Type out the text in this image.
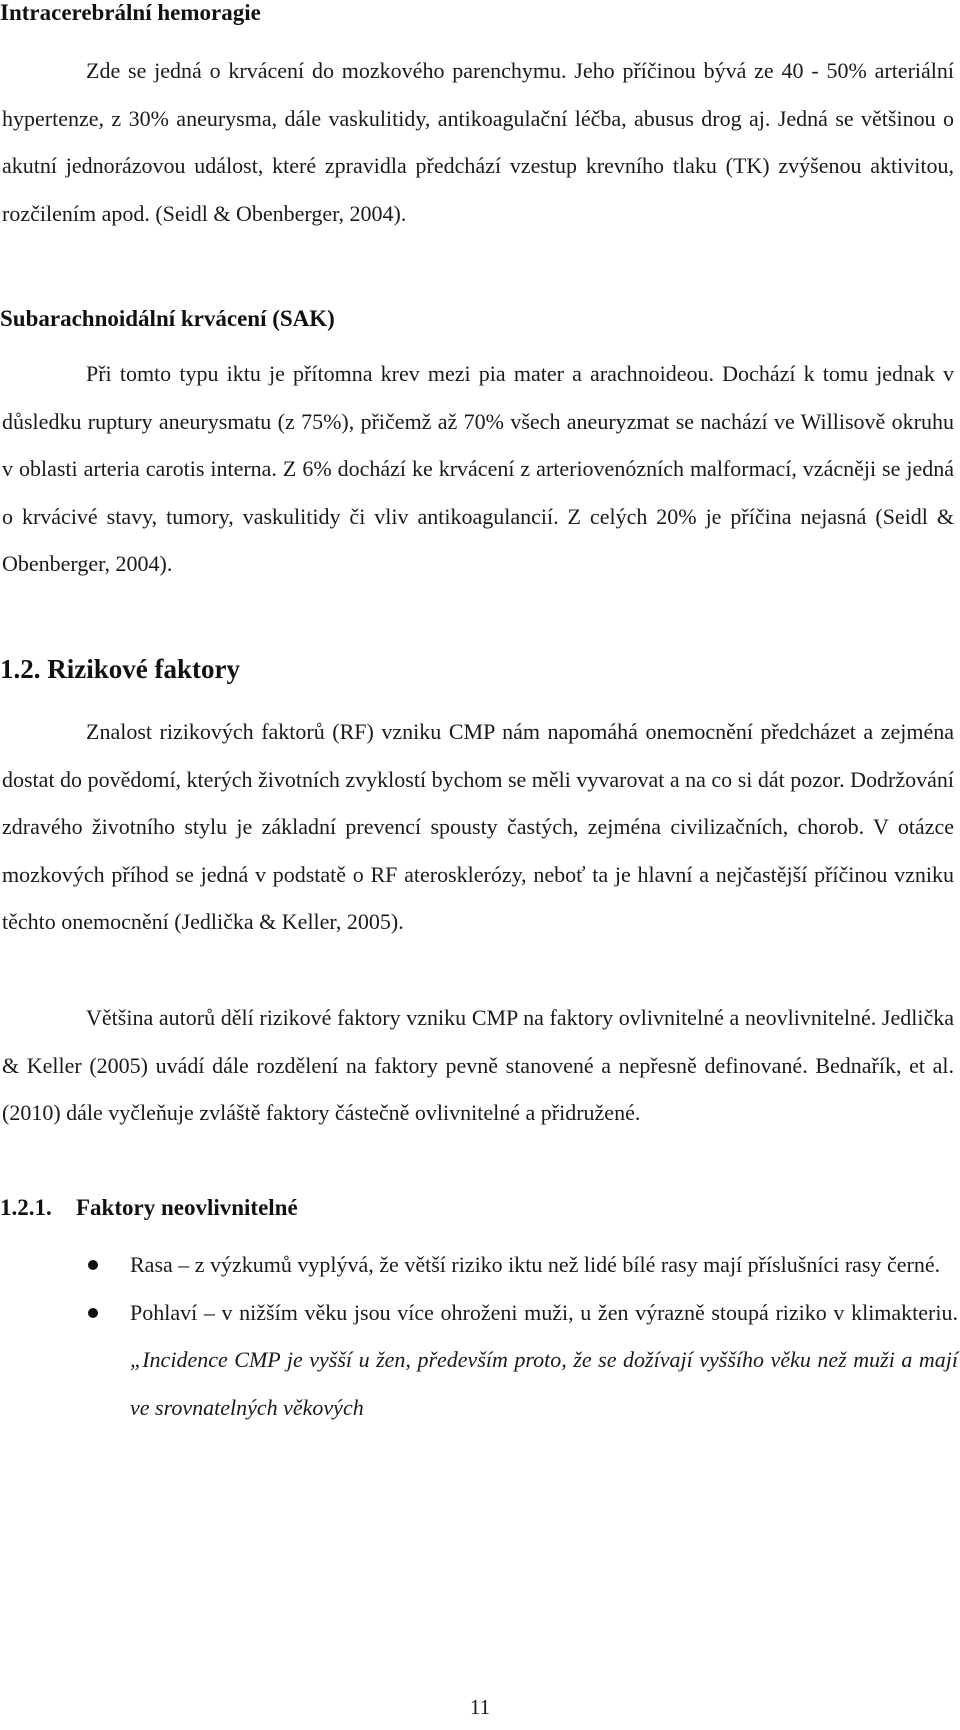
Intracerebrální hemoragie

Zde se jedná o krvácení do mozkového parenchymu. Jeho příčinou bývá ze 40 - 50% arteriální hypertenze, z 30% aneurysma, dále vaskulitidy, antikoagulační léčba, abusus drog aj. Jedná se většinou o akutní jednorázovou událost, které zpravidla předchází vzestup krevního tlaku (TK) zvýšenou aktivitou, rozčilením apod. (Seidl & Obenberger, 2004).

Subarachnoidální krvácení (SAK)

Při tomto typu iktu je přítomna krev mezi pia mater a arachnoideou. Dochází k tomu jednak v důsledku ruptury aneurysmatu (z 75%), přičemž až 70% všech aneuryzmat se nachází ve Willisově okruhu v oblasti arteria carotis interna. Z 6% dochází ke krvácení z arteriovenózních malformací, vzácněji se jedná o krvácivé stavy, tumory, vaskulitidy či vliv antikoagulancií. Z celých 20% je příčina nejasná (Seidl & Obenberger, 2004).

1.2. Rizikové faktory

Znalost rizikových faktorů (RF) vzniku CMP nám napomáhá onemocnění předcházet a zejména dostat do povědomí, kterých životních zvyklostí bychom se měli vyvarovat a na co si dát pozor. Dodržování zdravého životního stylu je základní prevencí spousty častých, zejména civilizačních, chorob. V otázce mozkových příhod se jedná v podstatě o RF aterosklerózy, neboť ta je hlavní a nejčastější příčinou vzniku těchto onemocnění (Jedlička & Keller, 2005).

Většina autorů dělí rizikové faktory vzniku CMP na faktory ovlivnitelné a neovlivnitelné. Jedlička & Keller (2005) uvádí dále rozdělení na faktory pevně stanovené a nepřesně definované. Bednařík, et al. (2010) dále vyčleňuje zvláště faktory částečně ovlivnitelné a přidružené.

1.2.1. Faktory neovlivnitelné
Rasa – z výzkumů vyplývá, že větší riziko iktu než lidé bílé rasy mají příslušníci rasy černé.
Pohlaví – v nižším věku jsou více ohroženi muži, u žen výrazně stoupá riziko v klimakteriu. „Incidence CMP je vyšší u žen, především proto, že se dožívají vyššího věku než muži a mají ve srovnatelných věkových
11
